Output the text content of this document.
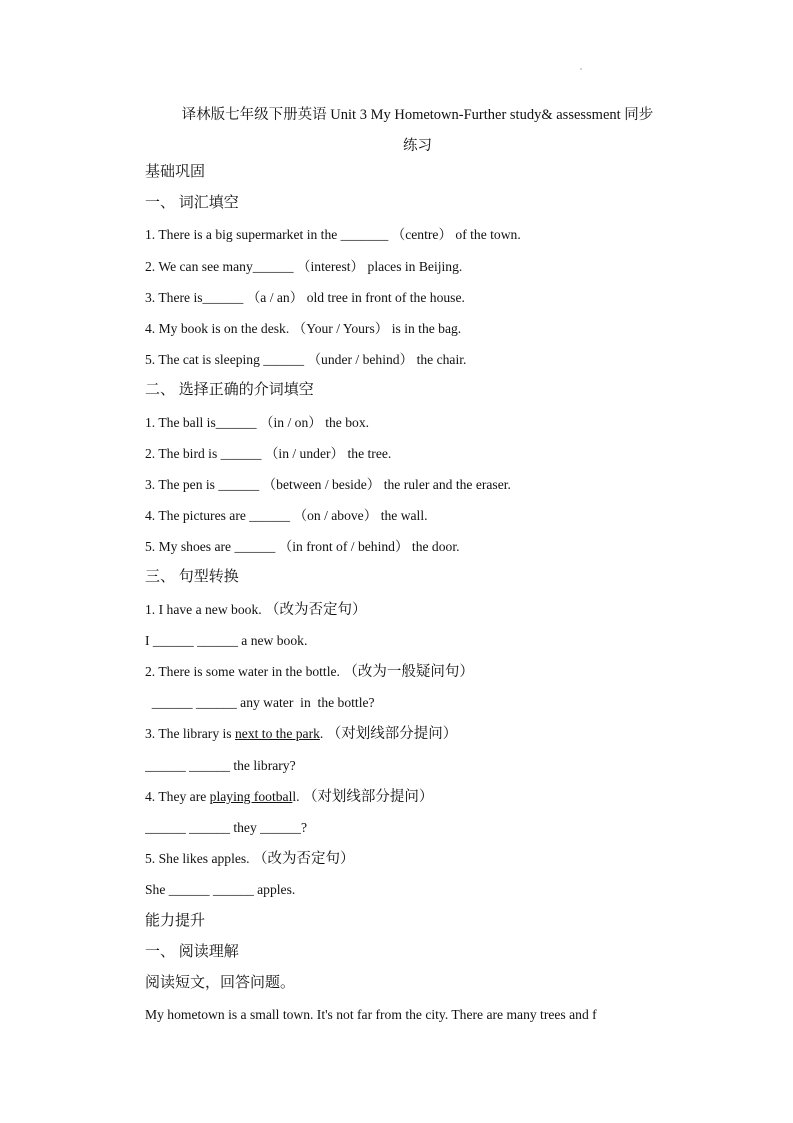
译林版七年级下册英语 Unit 3 My Hometown-Further study& assessment 同步
练习
基础巩固
一、 词汇填空
1. There is a big supermarket in the _______ （centre） of the town.
2. We can see many______ （interest） places in Beijing.
3. There is______ （a / an） old tree in front of the house.
4. My book is on the desk. （Your / Yours） is in the bag.
5. The cat is sleeping ______ （under / behind） the chair.
二、 选择正确的介词填空
1. The ball is______ （in / on） the box.
2. The bird is ______ （in / under） the tree.
3. The pen is ______ （between / beside） the ruler and the eraser.
4. The pictures are ______ （on / above） the wall.
5. My shoes are ______ （in front of / behind） the door.
三、 句型转换
1. I have a new book. （改为否定句）
I ______ ______ a new book.
2. There is some water in the bottle. （改为一般疑问句）
______ ______ any water  in  the bottle?
3. The library is next to the park. （对划线部分提问）
______ ______ the library?
4. They are playing football. （对划线部分提问）
______ ______ they ______?
5. She likes apples. （改为否定句）
She ______ ______ apples.
能力提升
一、 阅读理解
阅读短文，回答问题。
My hometown is a small town. It's not far from the city. There are many trees and f
